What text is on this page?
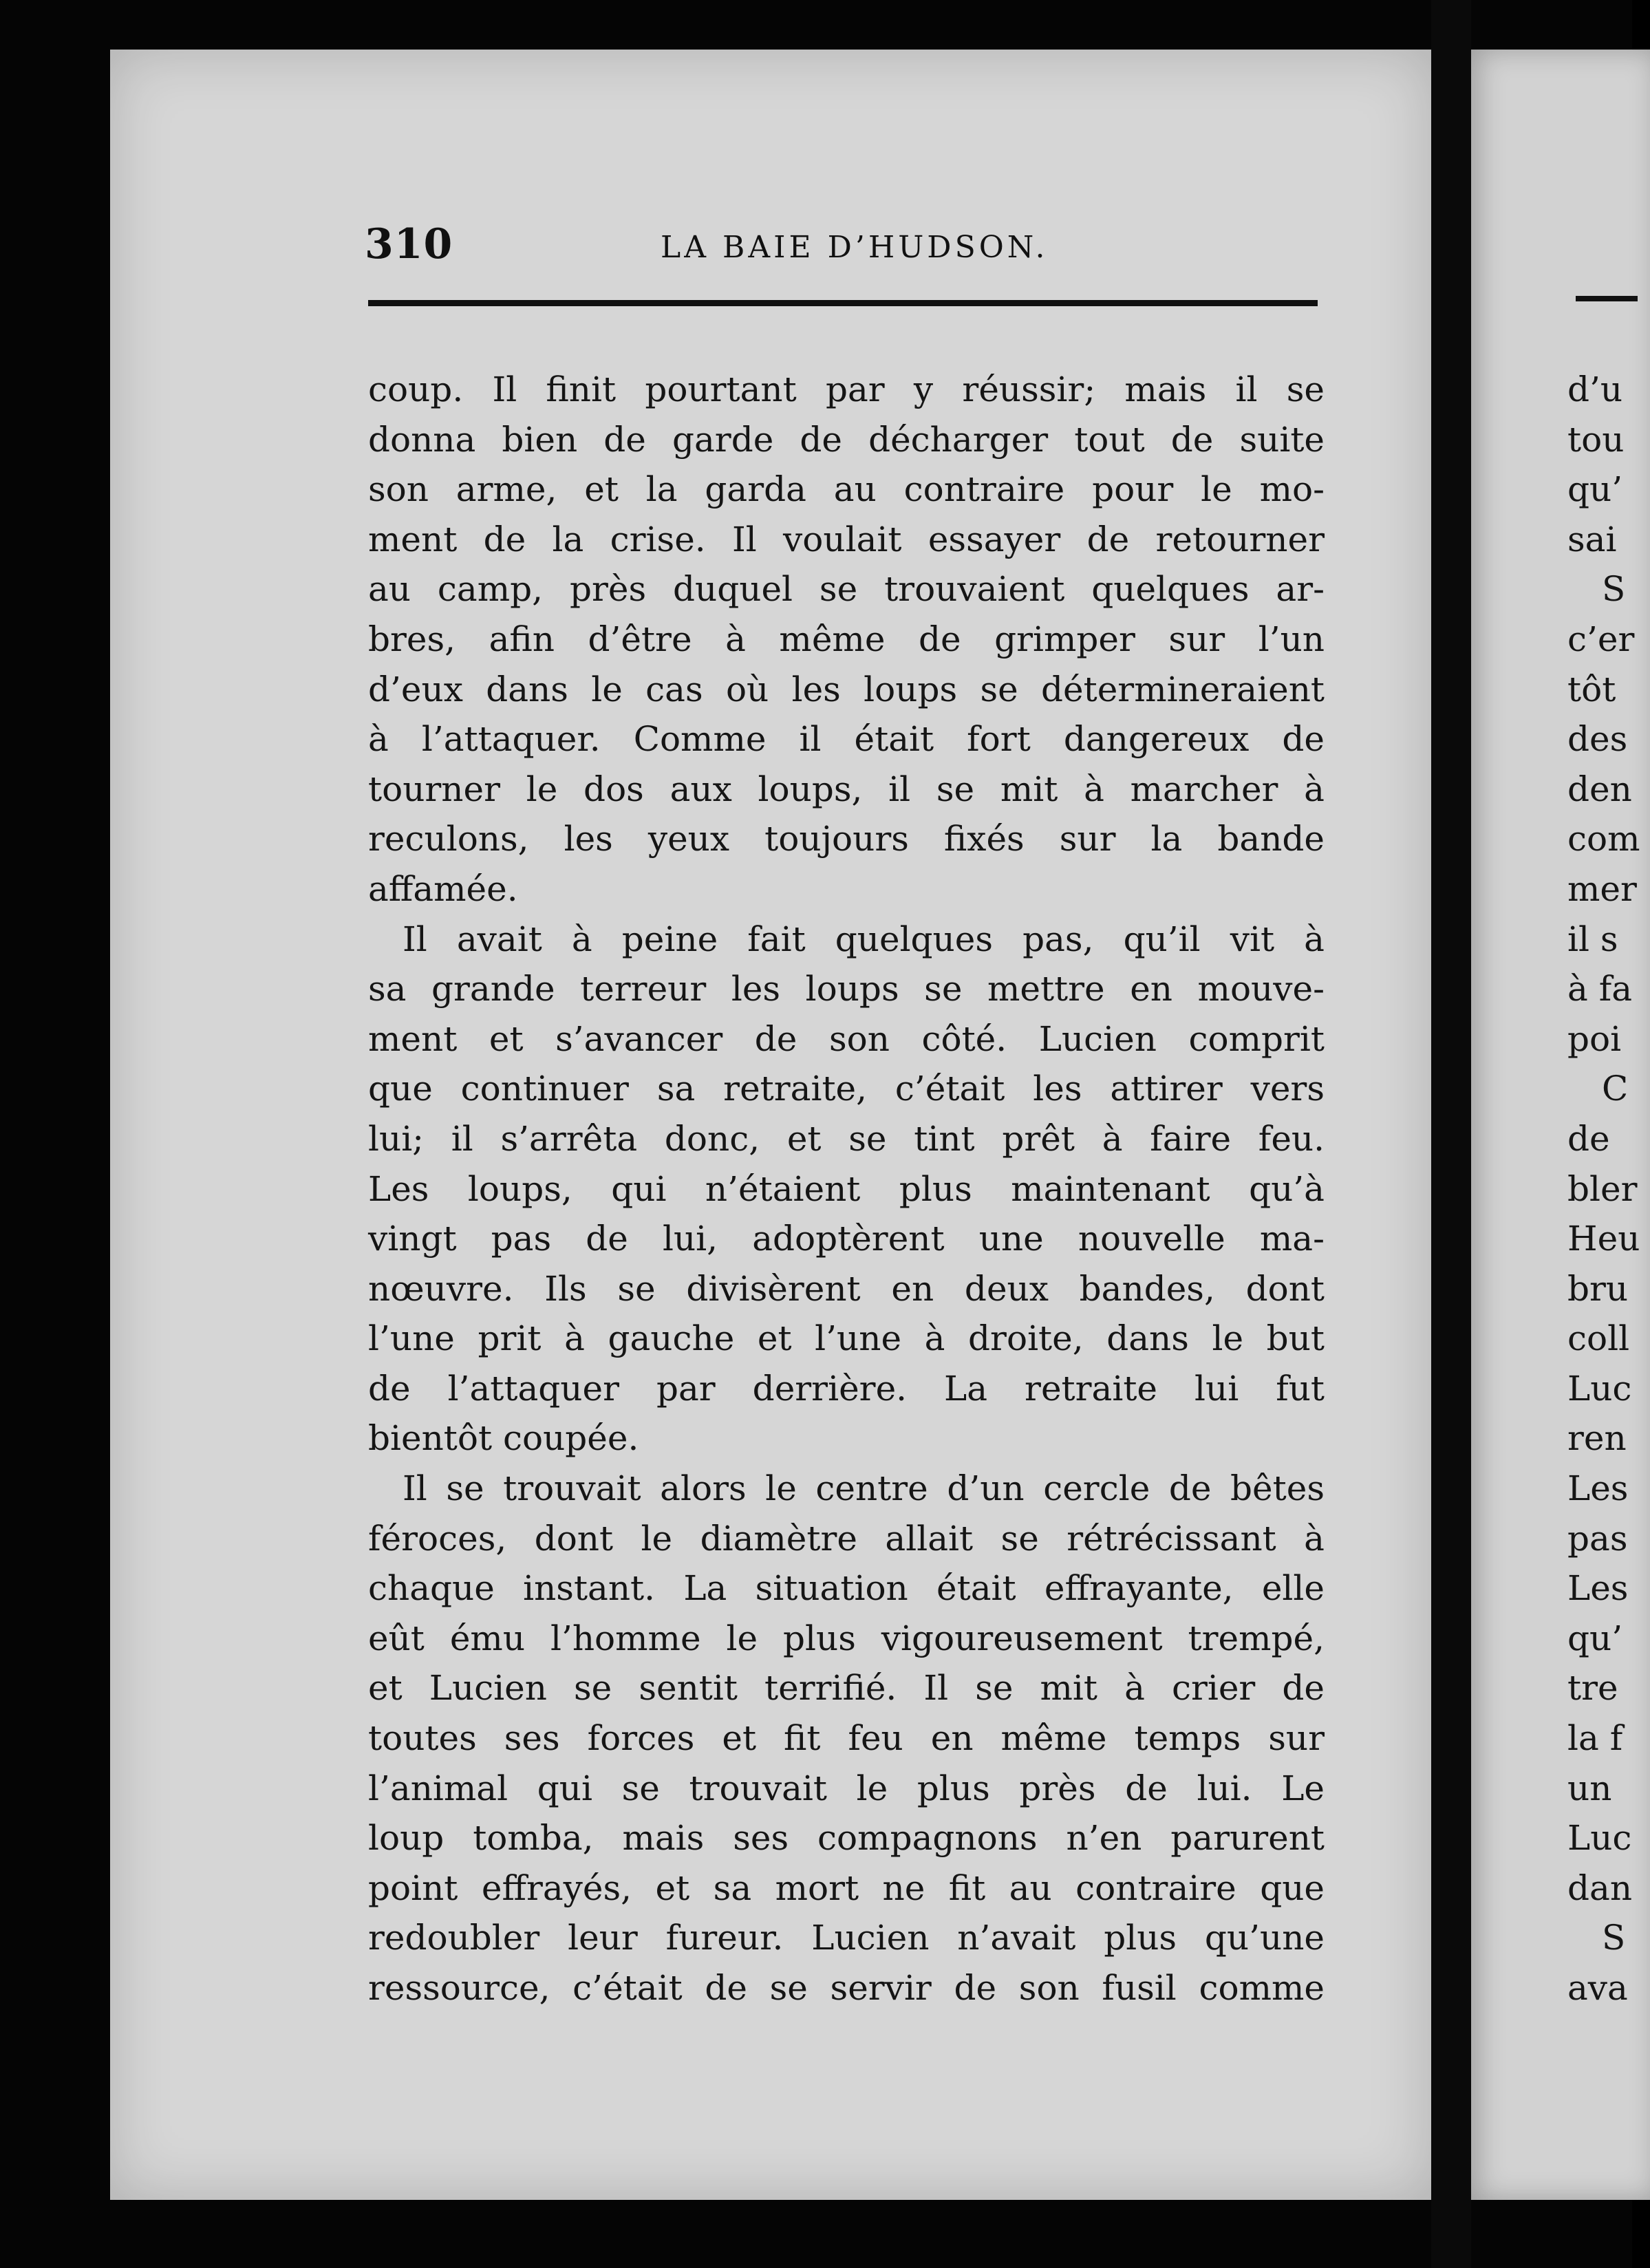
310	LA BAIE D’HUDSON.
coup. Il finit pourtant par y réussir; mais il se
donna bien de garde de décharger tout de suite
son arme, et la garda au contraire pour le mo-
ment de la crise. Il voulait essayer de retourner
au camp, près duquel se trouvaient quelques ar-
bres, afin d’être à même de grimper sur l’un
d’eux dans le cas où les loups se détermineraient
à l’attaquer. Comme il était fort dangereux de
tourner le dos aux loups, il se mit à marcher à
reculons, les yeux toujours fixés sur la bande
affamée.
Il avait à peine fait quelques pas, qu’il vit à
sa grande terreur les loups se mettre en mouve-
ment et s’avancer de son côté. Lucien comprit
que continuer sa retraite, c’était les attirer vers
lui; il s’arrêta donc, et se tint prêt à faire feu.
Les loups, qui n’étaient plus maintenant qu’à
vingt pas de lui, adoptèrent une nouvelle ma-
nœuvre. Ils se divisèrent en deux bandes, dont
l’une prit à gauche et l’une à droite, dans le but
de l’attaquer par derrière. La retraite lui fut
bientôt coupée.
Il se trouvait alors le centre d’un cercle de bêtes
féroces, dont le diamètre allait se rétrécissant à
chaque instant. La situation était effrayante, elle
eût ému l’homme le plus vigoureusement trempé,
et Lucien se sentit terrifié. Il se mit à crier de
toutes ses forces et fit feu en même temps sur
l’animal qui se trouvait le plus près de lui. Le
loup tomba, mais ses compagnons n’en parurent
point effrayés, et sa mort ne fit au contraire que
redoubler leur fureur. Lucien n’avait plus qu’une
ressource, c’était de se servir de son fusil comme
d’u
tou
qu’
sai
S
c’er
tôt
des
den
com
mer
il s
à fa
poi
C
de
bler
Heu
bru
coll
Luc
ren
Les
pas
Les
qu’
tre
la f
un
Luc
dan
S
ava
